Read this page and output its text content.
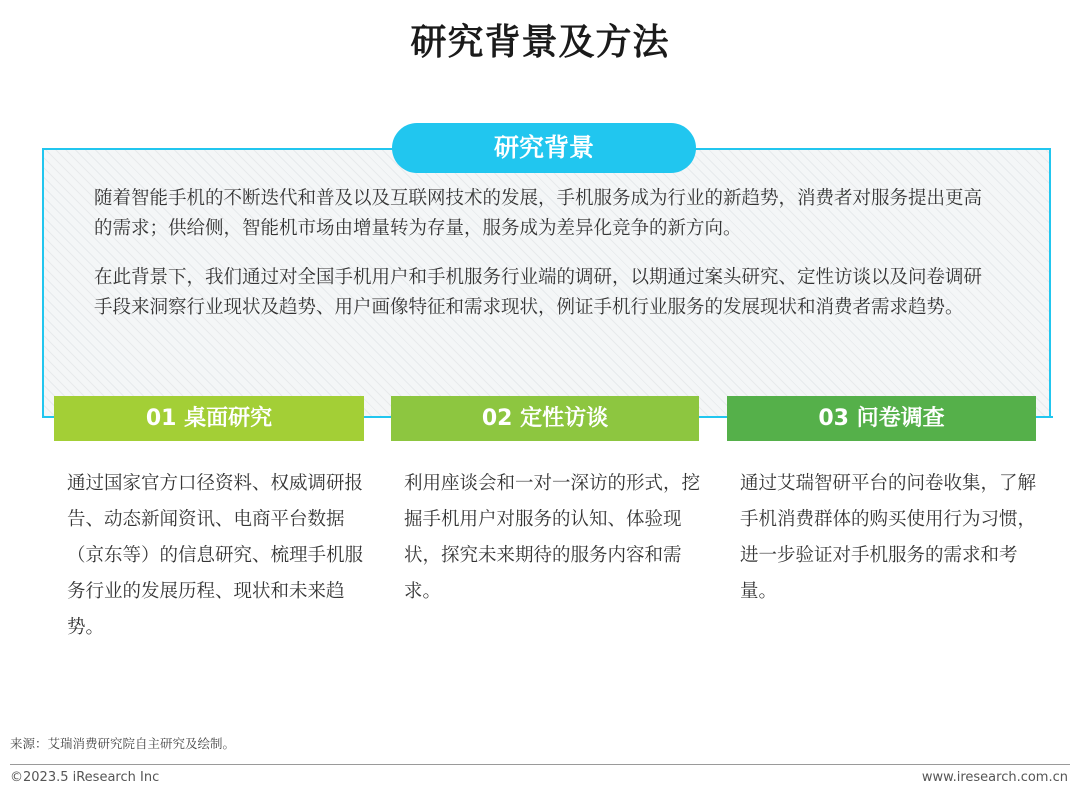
研究背景及方法
研究背景

随着智能手机的不断迭代和普及以及互联网技术的发展，手机服务成为行业的新趋势，消费者对服务提出更高的需求；供给侧，智能机市场由增量转为存量，服务成为差异化竞争的新方向。

在此背景下，我们通过对全国手机用户和手机服务行业端的调研，以期通过案头研究、定性访谈以及问卷调研手段来洞察行业现状及趋势、用户画像特征和需求现状，例证手机行业服务的发展现状和消费者需求趋势。

01 桌面研究	02 定性访谈	03 问卷调查
通过国家官方口径资料、权威调研报告、动态新闻资讯、电商平台数据（京东等）的信息研究、梳理手机服务行业的发展历程、现状和未来趋势。
利用座谈会和一对一深访的形式，挖掘手机用户对服务的认知、体验现状，探究未来期待的服务内容和需求。
通过艾瑞智研平台的问卷收集，了解手机消费群体的购买使用行为习惯，进一步验证对手机服务的需求和考量。
来源：艾瑞消费研究院自主研究及绘制。
©2023.5 iResearch Inc	www.iresearch.com.cn
